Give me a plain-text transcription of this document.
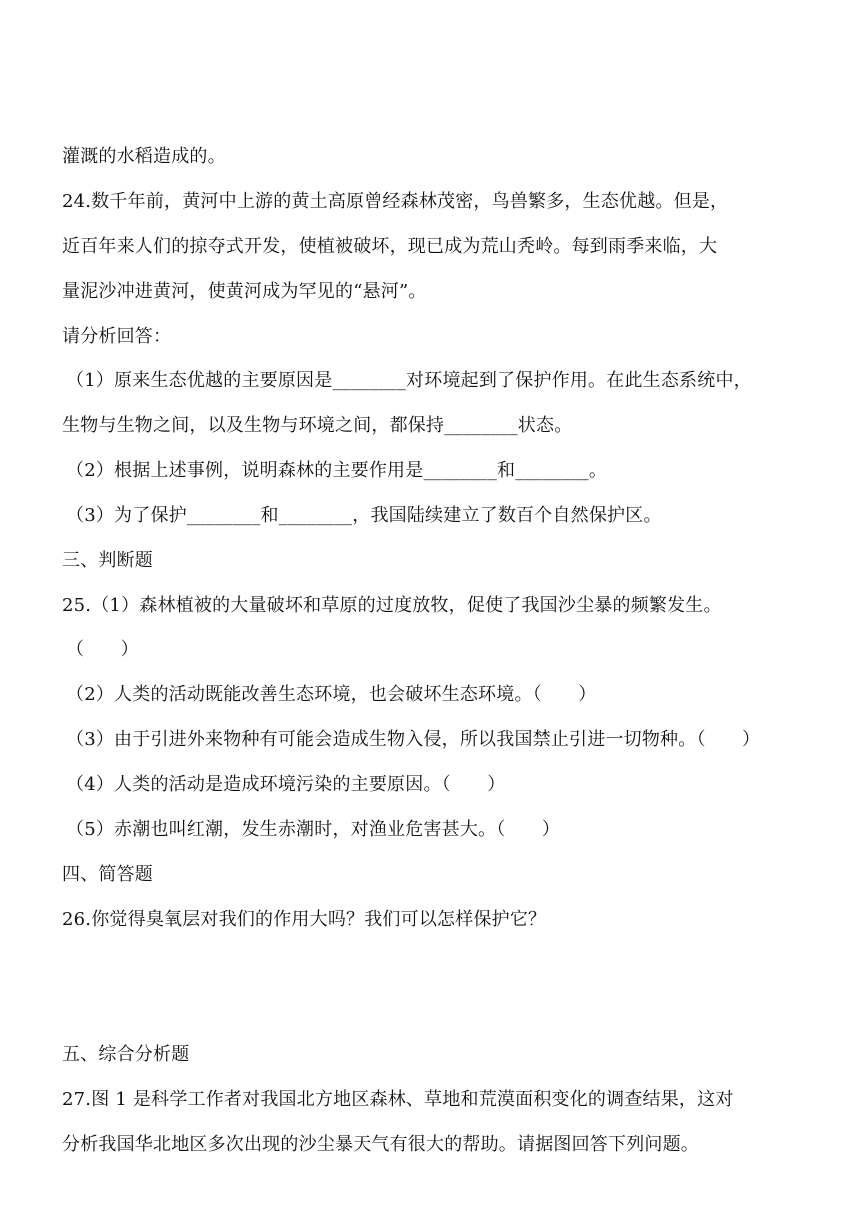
灌溉的水稻造成的。
24.数千年前，黄河中上游的黄土高原曾经森林茂密，鸟兽繁多，生态优越。但是，
近百年来人们的掠夺式开发，使植被破坏，现已成为荒山秃岭。每到雨季来临，大
量泥沙冲进黄河，使黄河成为罕见的“悬河”。
请分析回答：
（1）原来生态优越的主要原因是________对环境起到了保护作用。在此生态系统中，
生物与生物之间，以及生物与环境之间，都保持________状态。
（2）根据上述事例，说明森林的主要作用是________和________。
（3）为了保护________和________，我国陆续建立了数百个自然保护区。
三、判断题
25.（1）森林植被的大量破坏和草原的过度放牧，促使了我国沙尘暴的频繁发生。
（　　）
（2）人类的活动既能改善生态环境，也会破坏生态环境。（　　）
（3）由于引进外来物种有可能会造成生物入侵，所以我国禁止引进一切物种。（　　）
（4）人类的活动是造成环境污染的主要原因。（　　）
（5）赤潮也叫红潮，发生赤潮时，对渔业危害甚大。（　　）
四、简答题
26.你觉得臭氧层对我们的作用大吗？我们可以怎样保护它？
五、综合分析题
27.图 1 是科学工作者对我国北方地区森林、草地和荒漠面积变化的调查结果，这对
分析我国华北地区多次出现的沙尘暴天气有很大的帮助。请据图回答下列问题。
